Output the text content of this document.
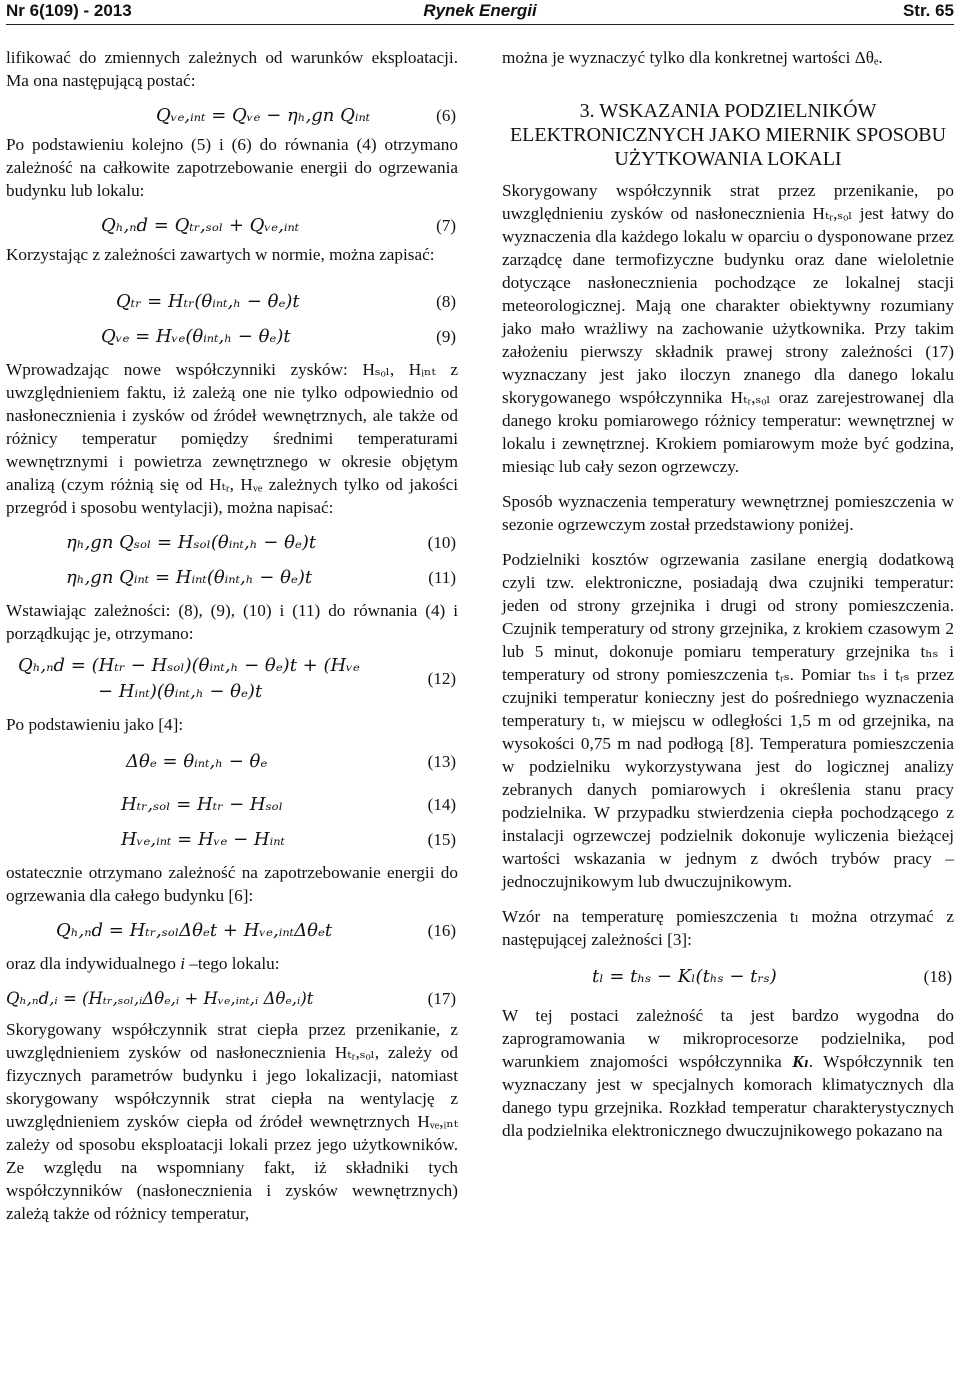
Nr 6(109) - 2013	Rynek Energii	Str. 65

lifikować do zmiennych zależnych od warunków eksploatacji. Ma ona następującą postać:

Qᵥₑ,ᵢₙₜ = Qᵥₑ − ηₕ,gn Qᵢₙₜ	(6)

Po podstawieniu kolejno (5) i (6) do równania (4) otrzymano zależność na całkowite zapotrzebowanie energii do ogrzewania budynku lub lokalu:

Qₕ,ₙd = Qₜᵣ,ₛₒₗ + Qᵥₑ,ᵢₙₜ	(7)

Korzystając z zależności zawartych w normie, można zapisać:

Qₜᵣ = Hₜᵣ(θᵢₙₜ,ₕ − θₑ)t	(8)
Qᵥₑ = Hᵥₑ(θᵢₙₜ,ₕ − θₑ)t	(9)

Wprowadzając nowe współczynniki zysków: Hₛₒₗ, Hᵢₙₜ z uwzględnieniem faktu, iż zależą one nie tylko odpowiednio od nasłonecznienia i zysków od źródeł wewnętrznych, ale także od różnicy temperatur pomiędzy średnimi temperaturami wewnętrznymi i powietrza zewnętrznego w okresie objętym analizą (czym różnią się od Hₜᵣ, Hᵥₑ zależnych tylko od jakości przegród i sposobu wentylacji), można napisać:

ηₕ,gn Qₛₒₗ = Hₛₒₗ(θᵢₙₜ,ₕ − θₑ)t	(10)
ηₕ,gn Qᵢₙₜ = Hᵢₙₜ(θᵢₙₜ,ₕ − θₑ)t	(11)

Wstawiając zależności: (8), (9), (10) i (11) do równania (4) i porządkując je, otrzymano:

Qₕ,ₙd = (Hₜᵣ − Hₛₒₗ)(θᵢₙₜ,ₕ − θₑ)t + (Hᵥₑ
− Hᵢₙₜ)(θᵢₙₜ,ₕ − θₑ)t
(12)

Po podstawieniu jako [4]:

Δθₑ = θᵢₙₜ,ₕ − θₑ	(13)
Hₜᵣ,ₛₒₗ = Hₜᵣ − Hₛₒₗ	(14)
Hᵥₑ,ᵢₙₜ = Hᵥₑ − Hᵢₙₜ	(15)

ostatecznie otrzymano zależność na zapotrzebowanie energii do ogrzewania dla całego budynku [6]:

Qₕ,ₙd = Hₜᵣ,ₛₒₗΔθₑt + Hᵥₑ,ᵢₙₜΔθₑt	(16)

oraz dla indywidualnego i –tego lokalu:

Qₕ,ₙd,ᵢ = (Hₜᵣ,ₛₒₗ,ᵢΔθₑ,ᵢ + Hᵥₑ,ᵢₙₜ,ᵢ Δθₑ,ᵢ)t	(17)

Skorygowany współczynnik strat ciepła przez przenikanie, z uwzględnieniem zysków od nasłonecznienia Hₜᵣ,ₛₒₗ, zależy od fizycznych parametrów budynku i jego lokalizacji, natomiast skorygowany współczynnik strat ciepła na wentylację z uwzględnieniem zysków ciepła od źródeł wewnętrznych Hᵥₑ,ᵢₙₜ zależy od sposobu eksploatacji lokali przez jego użytkowników. Ze względu na wspomniany fakt, iż składniki tych współczynników (nasłonecznienia i zysków wewnętrznych) zależą także od różnicy temperatur,

można je wyznaczyć tylko dla konkretnej wartości Δθₑ.

3. WSKAZANIA PODZIELNIKÓW ELEKTRONICZNYCH JAKO MIERNIK SPOSOBU UŻYTKOWANIA LOKALI

Skorygowany współczynnik strat przez przenikanie, po uwzględnieniu zysków od nasłonecznienia Hₜᵣ,ₛₒₗ jest łatwy do wyznaczenia dla każdego lokalu w oparciu o dysponowane przez zarządcę dane termofizyczne budynku oraz dane wieloletnie dotyczące nasłonecznienia pochodzące ze lokalnej stacji meteorologicznej. Mają one charakter obiektywny rozumiany jako mało wrażliwy na zachowanie użytkownika. Przy takim założeniu pierwszy składnik prawej strony zależności (17) wyznaczany jest jako iloczyn znanego dla danego lokalu skorygowanego współczynnika Hₜᵣ,ₛₒₗ oraz zarejestrowanej dla danego kroku pomiarowego różnicy temperatur: wewnętrznej w lokalu i zewnętrznej. Krokiem pomiarowym może być godzina, miesiąc lub cały sezon ogrzewczy.

Sposób wyznaczenia temperatury wewnętrznej pomieszczenia w sezonie ogrzewczym został przedstawiony poniżej.

Podzielniki kosztów ogrzewania zasilane energią dodatkową czyli tzw. elektroniczne, posiadają dwa czujniki temperatur: jeden od strony grzejnika i drugi od strony pomieszczenia. Czujnik temperatury od strony grzejnika, z krokiem czasowym 2 lub 5 minut, dokonuje pomiaru temperatury grzejnika tₕₛ i temperatury od strony pomieszczenia tᵣₛ. Pomiar tₕₛ i tᵣₛ przez czujniki temperatur konieczny jest do pośredniego wyznaczenia temperatury tₗ, w miejscu w odległości 1,5 m od grzejnika, na wysokości 0,75 m nad podłogą [8]. Temperatura pomieszczenia w podzielniku wykorzystywana jest do logicznej analizy zebranych danych pomiarowych i określenia stanu pracy podzielnika. W przypadku stwierdzenia ciepła pochodzącego z instalacji ogrzewczej podzielnik dokonuje wyliczenia bieżącej wartości wskazania w jednym z dwóch trybów pracy – jednoczujnikowym lub dwuczujnikowym.

Wzór na temperaturę pomieszczenia tₗ można otrzymać z następującej zależności [3]:

tₗ = tₕₛ − Kₗ(tₕₛ − tᵣₛ)	(18)

W tej postaci zależność ta jest bardzo wygodna do zaprogramowania w mikroprocesorze podzielnika, pod warunkiem znajomości współczynnika Kₗ. Współczynnik ten wyznaczany jest w specjalnych komorach klimatycznych dla danego typu grzejnika. Rozkład temperatur charakterystycznych dla podzielnika elektronicznego dwuczujnikowego pokazano na
